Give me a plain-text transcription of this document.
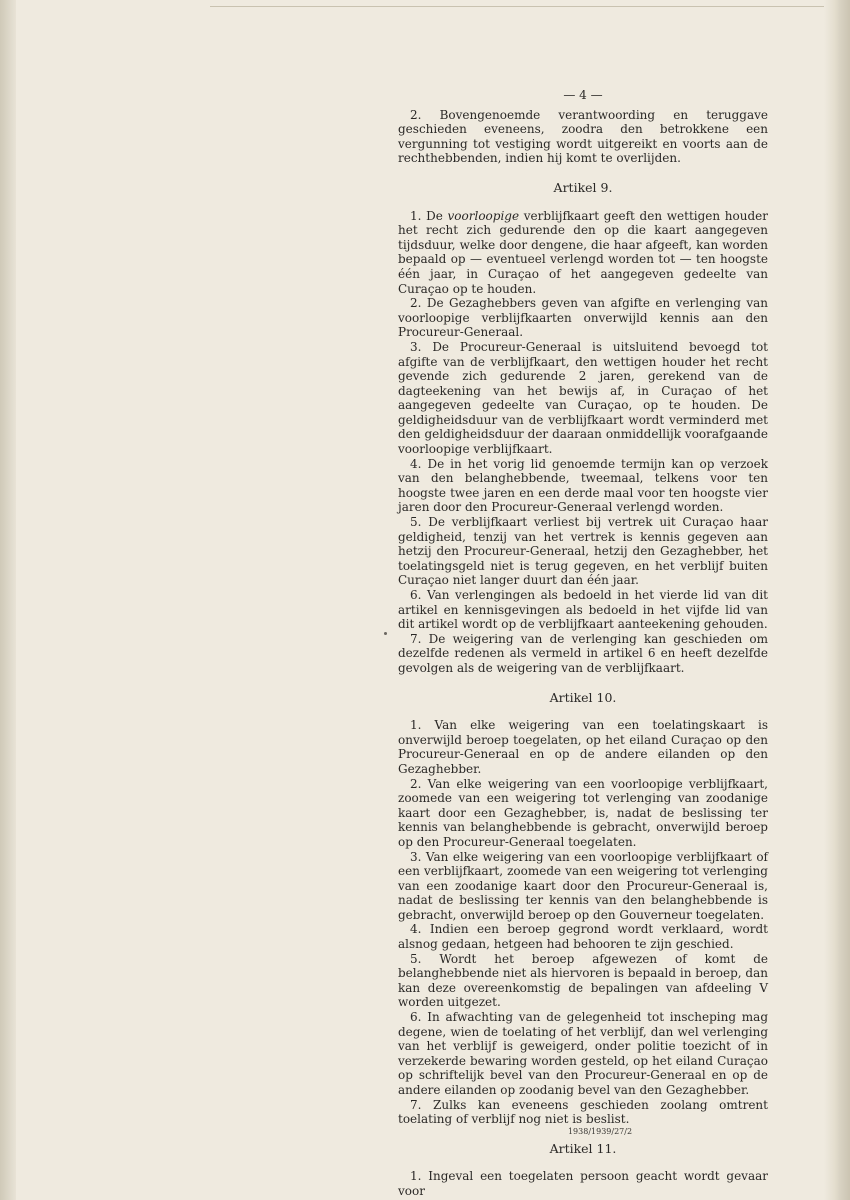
— 4 —

2. Bovengenoemde verantwoording en teruggave geschieden eveneens, zoodra den betrokkene een vergunning tot vestiging wordt uitgereikt en voorts aan de rechthebbenden, indien hij komt te overlijden.

Artikel 9.

1. De voorloopige verblijfkaart geeft den wettigen houder het recht zich gedurende den op die kaart aangegeven tijdsduur, welke door dengene, die haar afgeeft, kan worden bepaald op — eventueel verlengd worden tot — ten hoogste één jaar, in Curaçao of het aangegeven gedeelte van Curaçao op te houden.

2. De Gezaghebbers geven van afgifte en verlenging van voorloopige verblijfkaarten onverwijld kennis aan den Procureur-Generaal.

3. De Procureur-Generaal is uitsluitend bevoegd tot afgifte van de verblijfkaart, den wettigen houder het recht gevende zich gedurende 2 jaren, gerekend van de dagteekening van het bewijs af, in Curaçao of het aangegeven gedeelte van Curaçao, op te houden. De geldigheidsduur van de verblijfkaart wordt verminderd met den geldigheidsduur der daaraan onmiddellijk voorafgaande voorloopige verblijfkaart.

4. De in het vorig lid genoemde termijn kan op verzoek van den belanghebbende, tweemaal, telkens voor ten hoogste twee jaren en een derde maal voor ten hoogste vier jaren door den Procureur-Generaal verlengd worden.

5. De verblijfkaart verliest bij vertrek uit Curaçao haar geldigheid, tenzij van het vertrek is kennis gegeven aan hetzij den Procureur-Generaal, hetzij den Gezaghebber, het toelatingsgeld niet is terug gegeven, en het verblijf buiten Curaçao niet langer duurt dan één jaar.

6. Van verlengingen als bedoeld in het vierde lid van dit artikel en kennisgevingen als bedoeld in het vijfde lid van dit artikel wordt op de verblijfkaart aanteekening gehouden.

7. De weigering van de verlenging kan geschieden om dezelfde redenen als vermeld in artikel 6 en heeft dezelfde gevolgen als de weigering van de verblijfkaart.

Artikel 10.

1. Van elke weigering van een toelatingskaart is onverwijld beroep toegelaten, op het eiland Curaçao op den Procureur-Generaal en op de andere eilanden op den Gezaghebber.

2. Van elke weigering van een voorloopige verblijfkaart, zoomede van een weigering tot verlenging van zoodanige kaart door een Gezaghebber, is, nadat de beslissing ter kennis van belanghebbende is gebracht, onverwijld beroep op den Procureur-Generaal toegelaten.

3. Van elke weigering van een voorloopige verblijfkaart of een verblijfkaart, zoomede van een weigering tot verlenging van een zoodanige kaart door den Procureur-Generaal is, nadat de beslissing ter kennis van den belanghebbende is gebracht, onverwijld beroep op den Gouverneur toegelaten.

4. Indien een beroep gegrond wordt verklaard, wordt alsnog gedaan, hetgeen had behooren te zijn geschied.

5. Wordt het beroep afgewezen of komt de belanghebbende niet als hiervoren is bepaald in beroep, dan kan deze overeenkomstig de bepalingen van afdeeling V worden uitgezet.

6. In afwachting van de gelegenheid tot inscheping mag degene, wien de toelating of het verblijf, dan wel verlenging van het verblijf is geweigerd, onder politie toezicht of in verzekerde bewaring worden gesteld, op het eiland Curaçao op schriftelijk bevel van den Procureur-Generaal en op de andere eilanden op zoodanig bevel van den Gezaghebber.

7. Zulks kan eveneens geschieden zoolang omtrent toelating of verblijf nog niet is beslist.

Artikel 11.

1. Ingeval een toegelaten persoon geacht wordt gevaar voor

1938/1939/27/2
